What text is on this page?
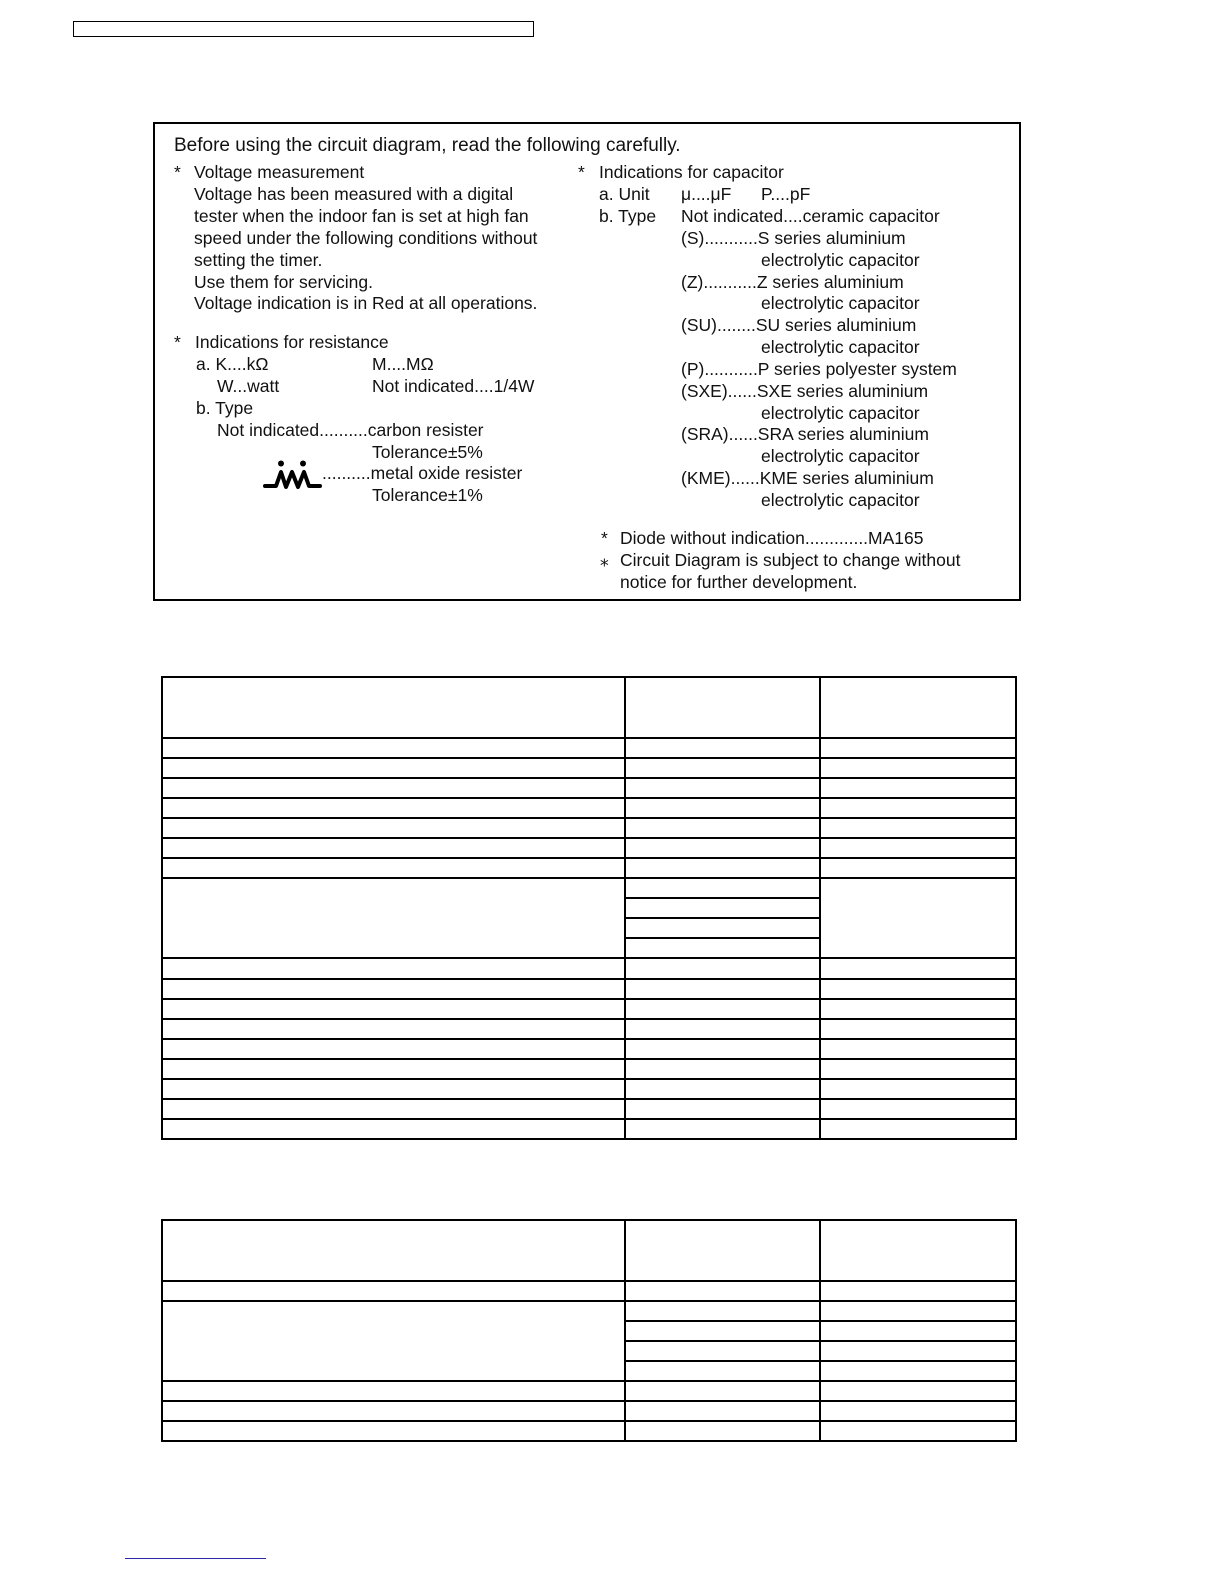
Before using the circuit diagram, read the following carefully.
* Voltage measurement
Voltage has been measured with a digital
tester when the indoor fan is set at high fan
speed under the following conditions without
setting the timer.
Use them for servicing.
Voltage indication is in Red at all operations.
* Indications for resistance
a. K....kΩ	M....MΩ
W...watt	Not indicated....1/4W
b. Type
Not indicated..........carbon resister
Tolerance±5%
..........metal oxide resister
Tolerance±1%
* Indications for capacitor
a. Unit μ....μF P....pF
b. Type Not indicated....ceramic capacitor
(S)...........S series aluminium
electrolytic capacitor
(Z)...........Z series aluminium
electrolytic capacitor
(SU)........SU series aluminium
electrolytic capacitor
(P)...........P series polyester system
(SXE)......SXE series aluminium
electrolytic capacitor
(SRA)......SRA series aluminium
electrolytic capacitor
(KME)......KME series aluminium
electrolytic capacitor
* Diode without indication.............MA165
⁎ Circuit Diagram is subject to change without
notice for further development.
